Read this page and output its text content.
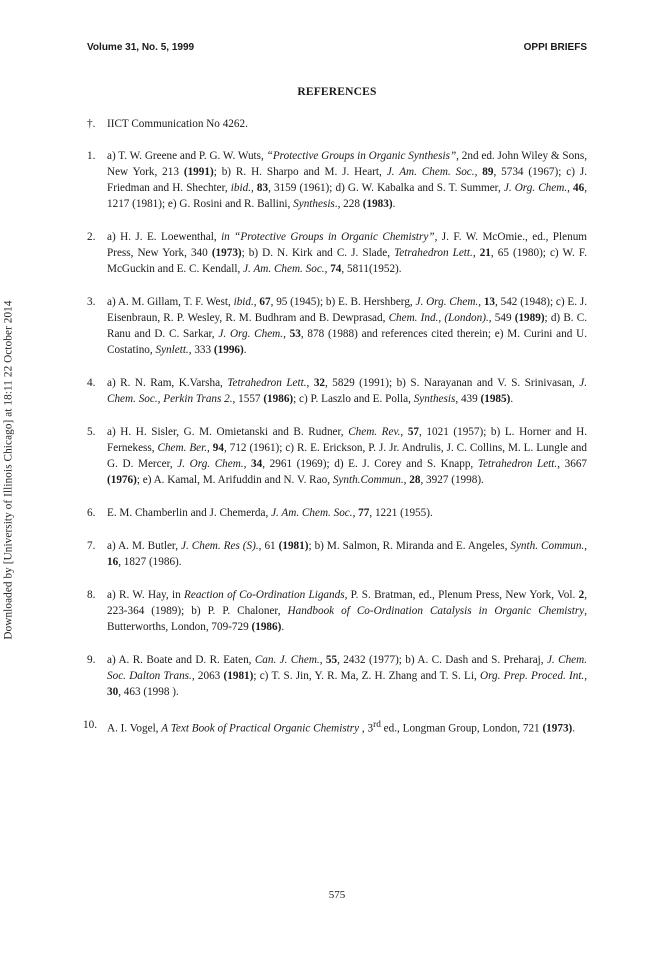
Downloaded by [University of Illinois Chicago] at 18:11 22 October 2014
Volume 31, No. 5, 1999	OPPI BRIEFS
REFERENCES
†.	IICT Communication No 4262.
1.	a) T. W. Greene and P. G. W. Wuts, “Protective Groups in Organic Synthesis”, 2nd ed. John Wiley & Sons, New York, 213 (1991); b) R. H. Sharpo and M. J. Heart, J. Am. Chem. Soc., 89, 5734 (1967); c) J. Friedman and H. Shechter, ibid., 83, 3159 (1961); d) G. W. Kabalka and S. T. Summer, J. Org. Chem., 46, 1217 (1981); e) G. Rosini and R. Ballini, Synthesis., 228 (1983).
2.	a) H. J. E. Loewenthal, in “Protective Groups in Organic Chemistry”, J. F. W. McOmie., ed., Plenum Press, New York, 340 (1973); b) D. N. Kirk and C. J. Slade, Tetrahedron Lett., 21, 65 (1980); c) W. F. McGuckin and E. C. Kendall, J. Am. Chem. Soc., 74, 5811(1952).
3.	a) A. M. Gillam, T. F. West, ibid., 67, 95 (1945); b) E. B. Hershberg, J. Org. Chem., 13, 542 (1948); c) E. J. Eisenbraun, R. P. Wesley, R. M. Budhram and B. Dewprasad, Chem. Ind., (London)., 549 (1989); d) B. C. Ranu and D. C. Sarkar, J. Org. Chem., 53, 878 (1988) and references cited therein; e) M. Curini and U. Costatino, Synlett., 333 (1996).
4.	a) R. N. Ram, K.Varsha, Tetrahedron Lett., 32, 5829 (1991); b) S. Narayanan and V. S. Srinivasan, J. Chem. Soc., Perkin Trans 2., 1557 (1986); c) P. Laszlo and E. Polla, Synthesis, 439 (1985).
5.	a) H. H. Sisler, G. M. Omietanski and B. Rudner, Chem. Rev., 57, 1021 (1957); b) L. Horner and H. Fernekess, Chem. Ber., 94, 712 (1961); c) R. E. Erickson, P. J. Jr. Andrulis, J. C. Collins, M. L. Lungle and G. D. Mercer, J. Org. Chem., 34, 2961 (1969); d) E. J. Corey and S. Knapp, Tetrahedron Lett., 3667 (1976); e) A. Kamal, M. Arifuddin and N. V. Rao, Synth.Commun., 28, 3927 (1998).
6.	E. M. Chamberlin and J. Chemerda, J. Am. Chem. Soc., 77, 1221 (1955).
7.	a) A. M. Butler, J. Chem. Res (S)., 61 (1981); b) M. Salmon, R. Miranda and E. Angeles, Synth. Commun., 16, 1827 (1986).
8.	a) R. W. Hay, in Reaction of Co-Ordination Ligands, P. S. Bratman, ed., Plenum Press, New York, Vol. 2, 223-364 (1989); b) P. P. Chaloner, Handbook of Co-Ordination Catalysis in Organic Chemistry, Butterworths, London, 709-729 (1986).
9.	a) A. R. Boate and D. R. Eaten, Can. J. Chem., 55, 2432 (1977); b) A. C. Dash and S. Preharaj, J. Chem. Soc. Dalton Trans., 2063 (1981); c) T. S. Jin, Y. R. Ma, Z. H. Zhang and T. S. Li, Org. Prep. Proced. Int., 30, 463 (1998 ).
10. A. I. Vogel, A Text Book of Practical Organic Chemistry , 3rd ed., Longman Group, London, 721 (1973).
575
